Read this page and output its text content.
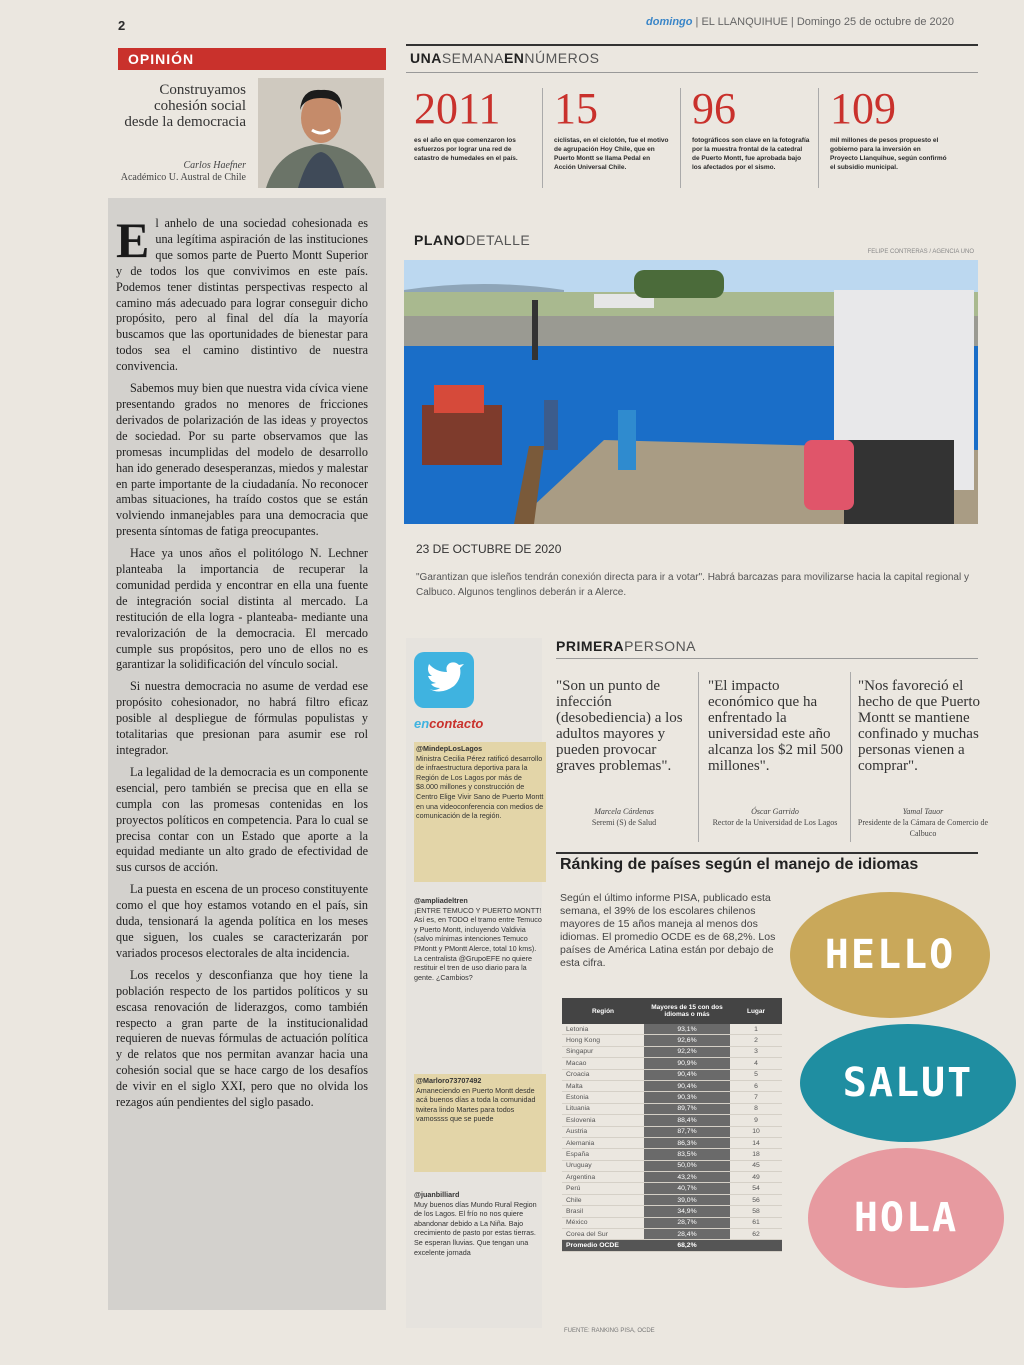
2	domingo | EL LLANQUIHUE | Domingo 25 de octubre de 2020
OPINIÓN
Construyamos cohesión social desde la democracia
Carlos Haefner
Académico U. Austral de Chile

El anhelo de una sociedad cohesionada es una legítima aspiración de las instituciones que somos parte de Puerto Montt Superior y de todos los que convivimos en este país. Podemos tener distintas perspectivas respecto al camino más adecuado para lograr conseguir dicho propósito, pero al final del día la mayoría buscamos que las oportunidades de bienestar para todos sea el camino distintivo de nuestra convivencia.

Sabemos muy bien que nuestra vida cívica viene presentando grados no menores de fricciones derivados de polarización de las ideas y proyectos de sociedad. Por su parte observamos que las promesas incumplidas del modelo de desarrollo han ido generado desesperanzas, miedos y malestar en parte importante de la ciudadanía. No reconocer ambas situaciones, ha traído costos que se están volviendo inmanejables para una democracia que presenta síntomas de fatiga preocupantes.

Hace ya unos años el politólogo N. Lechner planteaba la importancia de recuperar la comunidad perdida y encontrar en ella una fuente de integración social distinta al mercado. La restitución de ella logra - planteaba- mediante una revalorización de la democracia. El mercado cumple sus propósitos, pero uno de ellos no es garantizar la solidificación del vínculo social.

Si nuestra democracia no asume de verdad ese propósito cohesionador, no habrá filtro eficaz posible al despliegue de fórmulas populistas y totalitarias que presionan para asumir ese rol integrador.

La legalidad de la democracia es un componente esencial, pero también se precisa que en ella se cumpla con las promesas contenidas en los proyectos políticos en competencia. Para lo cual se precisa contar con un Estado que aporte a la equidad mediante un alto grado de efectividad de sus cursos de acción.

La puesta en escena de un proceso constituyente como el que hoy estamos votando en el país, sin duda, tensionará la agenda política en los meses que siguen, los cuales se caracterizarán por variados procesos electorales de alta incidencia.

Los recelos y desconfianza que hoy tiene la población respecto de los partidos políticos y su escasa renovación de liderazgos, como también respecto a gran parte de la institucionalidad requieren de nuevas fórmulas de actuación política y de relatos que nos permitan avanzar hacia una cohesión social que se hace cargo de los desafíos de vivir en el siglo XXI, pero que no olvida los rezagos aún pendientes del siglo pasado.

UNASEMANAENNÚMEROS
2011
es el año en que comenzaron los esfuerzos por lograr una red de catastro de humedales en el país.
15
ciclistas, en el ciclotón, fue el motivo de agrupación Hoy Chile, que en Puerto Montt se llama Pedal en Acción Universal Chile.
96
fotográficos son clave en la fotografía por la muestra frontal de la catedral de Puerto Montt, fue aprobada bajo los afectados por el sismo.
109
mil millones de pesos propuesto el gobierno para la inversión en Proyecto Llanquihue, según confirmó el subsidio municipal.
PLANODETALLE
FELIPE CONTRERAS / AGENCIA UNO
23 DE OCTUBRE DE 2020
"Garantizan que isleños tendrán conexión directa para ir a votar". Habrá barcazas para movilizarse hacia la capital regional y Calbuco. Algunos tenglinos deberán ir a Alerce.
encontacto
@MindepLosLagos
Ministra Cecilia Pérez ratificó desarrollo de infraestructura deportiva para la Región de Los Lagos por más de $8.000 millones y construcción de Centro Elige Vivir Sano de Puerto Montt en una videoconferencia con medios de comunicación de la región.
@ampliadeltren
¡ENTRE TEMUCO Y PUERTO MONTT! Así es, en TODO el tramo entre Temuco y Puerto Montt, incluyendo Valdivia (salvo mínimas intenciones Temuco PMontt y PMontt Alerce, total 10 kms). La centralista @GrupoEFE no quiere restituir el tren de uso diario para la gente. ¿Cambios?
@Marloro73707492
Amaneciendo en Puerto Montt desde acá buenos días a toda la comunidad twitera lindo Martes para todos vamossss que se puede
@juanbilliard
Muy buenos días Mundo Rural Region de los Lagos. El frío no nos quiere abandonar debido a La Niña. Bajo crecimiento de pasto por estas tierras. Se esperan lluvias. Que tengan una excelente jornada
PRIMERAPERSONA
"Son un punto de infección (desobediencia) a los adultos mayores y pueden provocar graves problemas".
Marcela Cárdenas
Seremi (S) de Salud
"El impacto económico que ha enfrentado la universidad este año alcanza los $2 mil 500 millones".
Óscar Garrido
Rector de la Universidad de Los Lagos
"Nos favoreció el hecho de que Puerto Montt se mantiene confinado y muchas personas vienen a comprar".
Yamal Tauor
Presidente de la Cámara de Comercio de Calbuco
Ránking de países según el manejo de idiomas
Según el último informe PISA, publicado esta semana, el 39% de los escolares chilenos mayores de 15 años maneja al menos dos idiomas. El promedio OCDE es de 68,2%. Los países de América Latina están por debajo de esta cifra.
Región	Mayores de 15 con dos idiomas o más	Lugar
Letonia	93,1%	1
Hong Kong	92,6%	2
Singapur	92,2%	3
Macao	90,9%	4
Croacia	90,4%	5
Malta	90,4%	6
Estonia	90,3%	7
Lituania	89,7%	8
Eslovenia	88,4%	9
Austria	87,7%	10
Alemania	86,3%	14
España	83,5%	18
Uruguay	50,0%	45
Argentina	43,2%	49
Perú	40,7%	54
Chile	39,0%	56
Brasil	34,9%	58
México	28,7%	61
Corea del Sur	28,4%	62
Promedio OCDE	68,2%	
FUENTE: RANKING PISA, OCDE
HELLO
SALUT
HOLA
